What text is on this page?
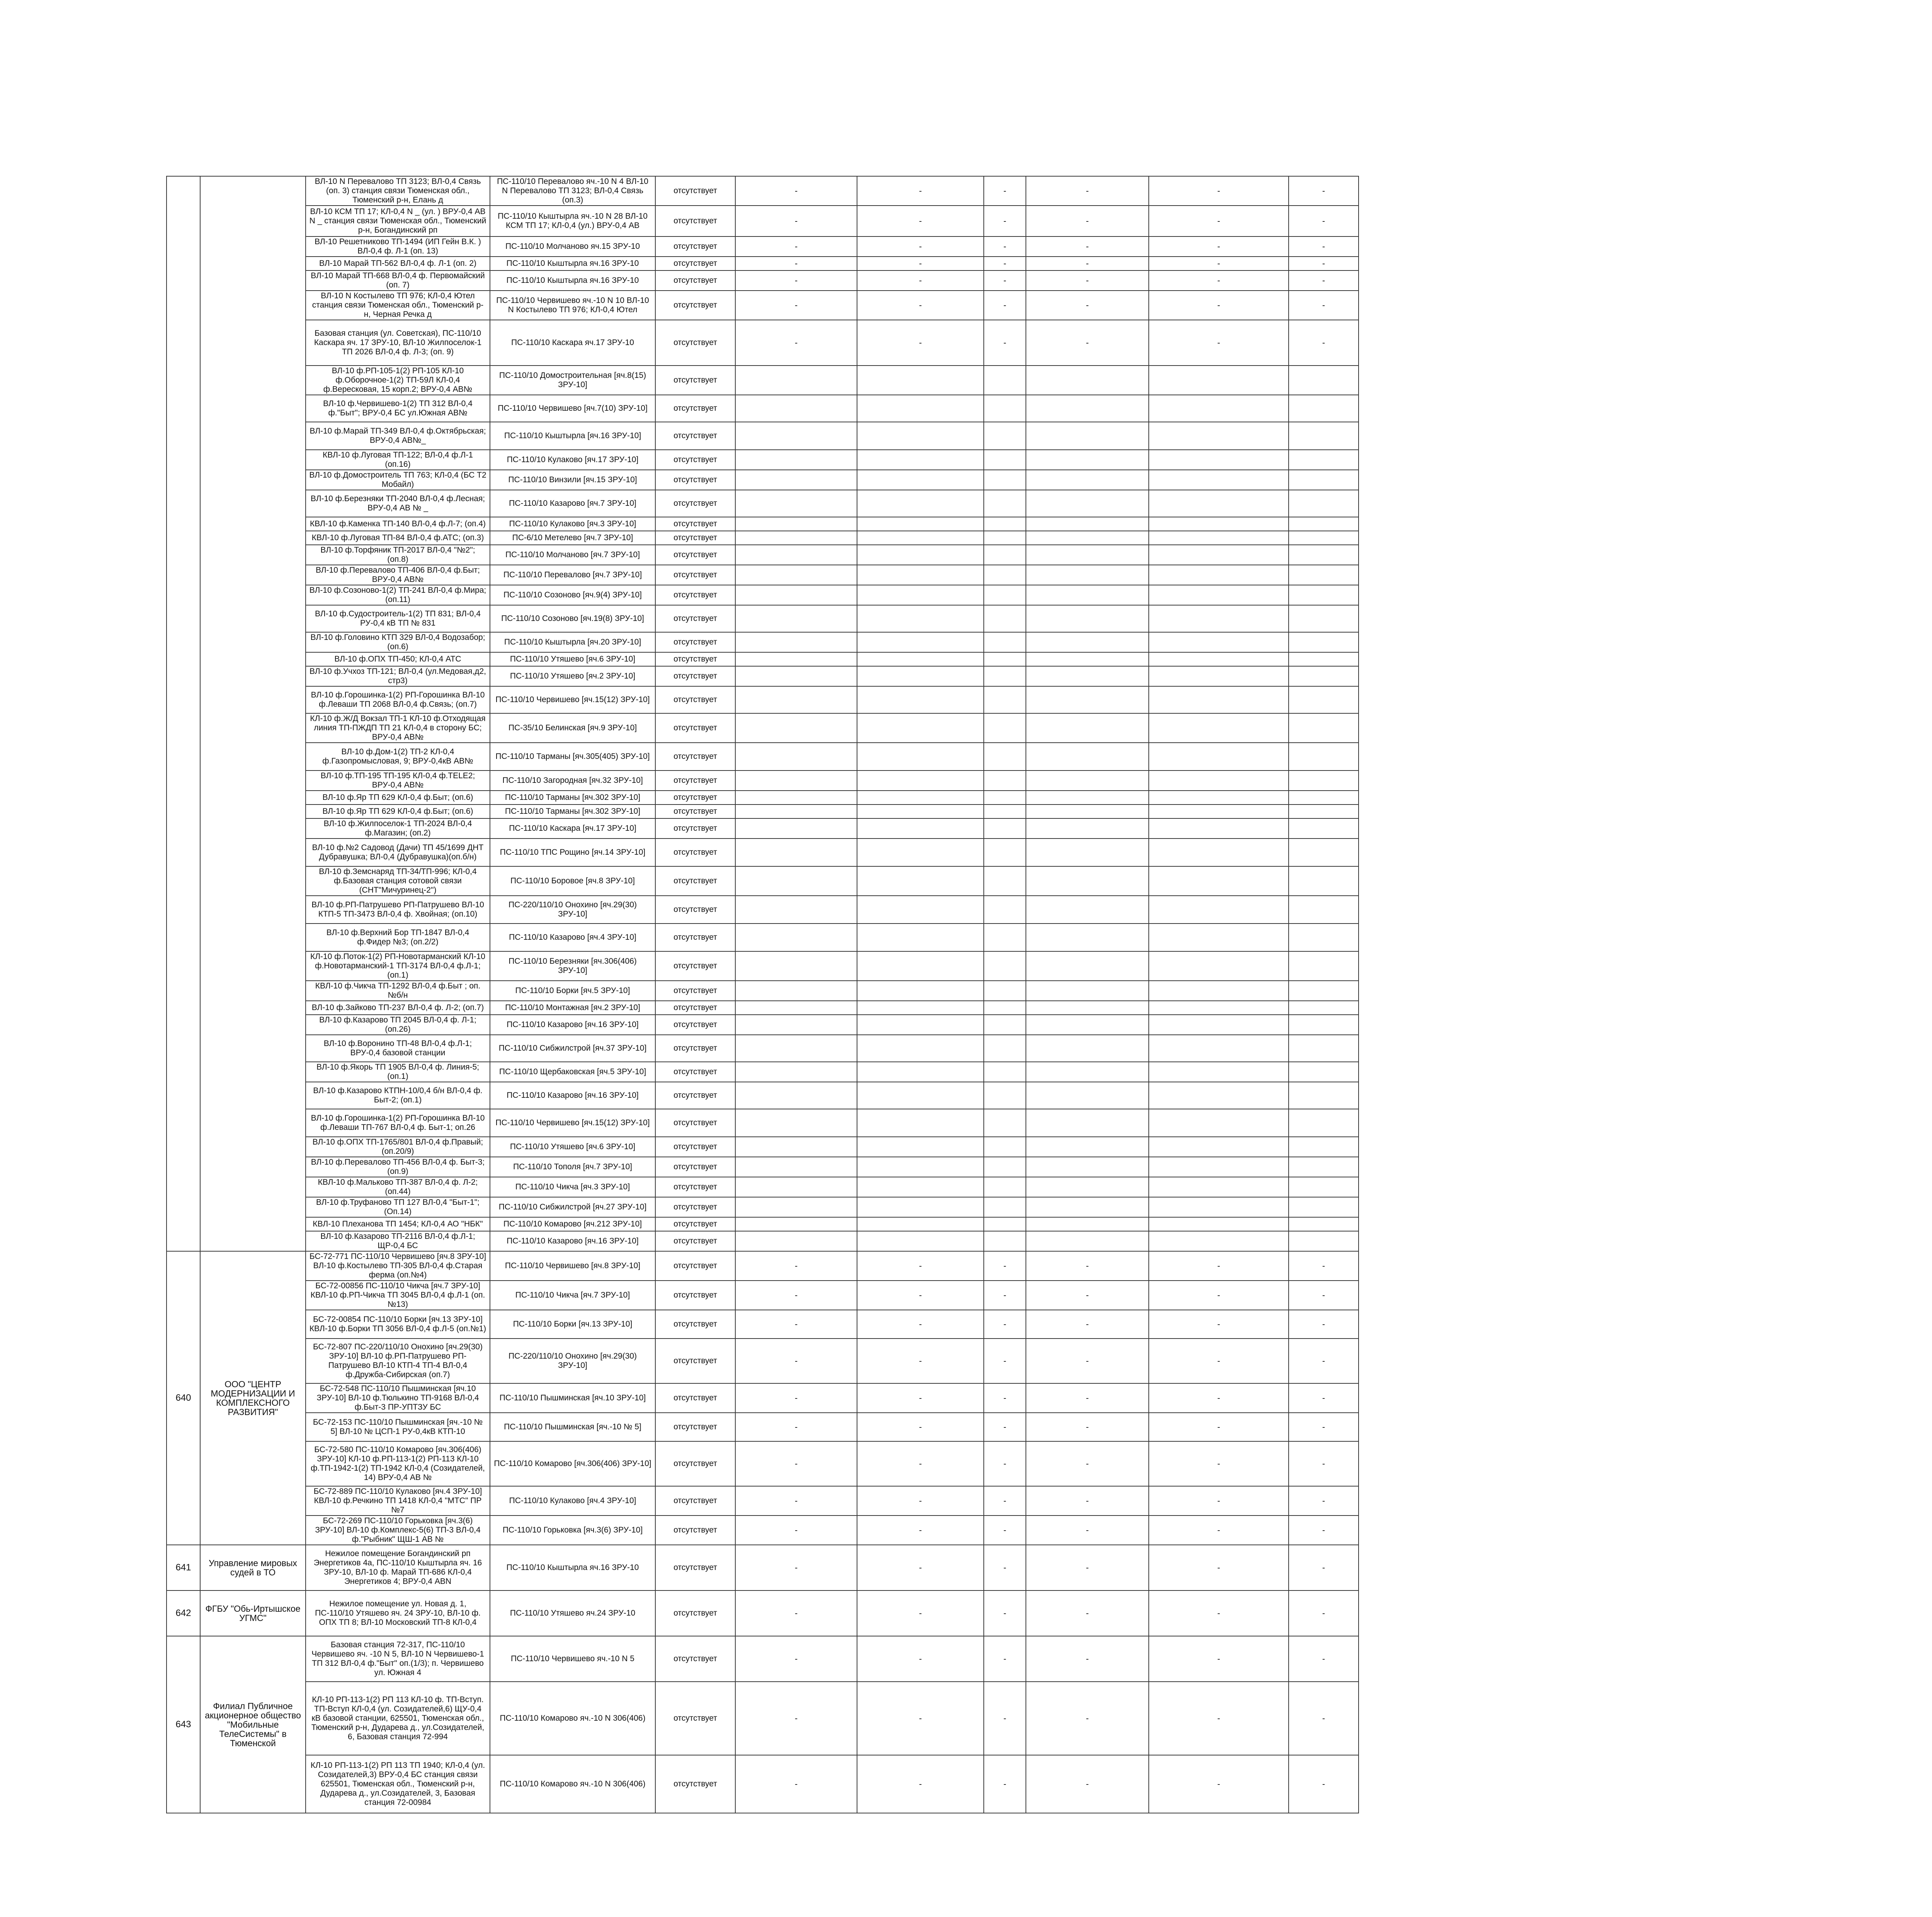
		ВЛ-10 N Перевалово ТП 3123; ВЛ-0,4 Связь (оп. 3) станция связи Тюменская обл., Тюменский р-н, Елань д	ПС-110/10 Перевалово яч.-10 N 4 ВЛ-10 N Перевалово ТП 3123; ВЛ-0,4 Связь (оп.3)	отсутствует	-	-	-	-	-	-	
		ВЛ-10 КСМ ТП 17; КЛ-0,4 N _ (ул. ) ВРУ-0,4 АВ N _ станция связи Тюменская обл., Тюменский р-н, Богандинский рп	ПС-110/10 Кыштырла яч.-10 N 28 ВЛ-10 КСМ ТП 17; КЛ-0,4 (ул.) ВРУ-0,4 АВ	отсутствует	-	-	-	-	-	-	
		ВЛ-10 Решетниково ТП-1494 (ИП Гейн В.К. ) ВЛ-0,4 ф. Л-1 (оп. 13)	ПС-110/10 Молчаново яч.15 ЗРУ-10	отсутствует	-	-	-	-	-	-	
		ВЛ-10 Марай ТП-562 ВЛ-0,4 ф. Л-1 (оп. 2)	ПС-110/10 Кыштырла яч.16 ЗРУ-10	отсутствует	-	-	-	-	-	-	
		ВЛ-10 Марай ТП-668 ВЛ-0,4 ф. Первомайский (оп. 7)	ПС-110/10 Кыштырла яч.16 ЗРУ-10	отсутствует	-	-	-	-	-	-	
		ВЛ-10 N Костылево ТП 976; КЛ-0,4 Ютел станция связи Тюменская обл., Тюменский р-н, Черная Речка д	ПС-110/10 Червишево яч.-10 N 10 ВЛ-10 N Костылево ТП 976; КЛ-0,4 Ютел	отсутствует	-	-	-	-	-	-	
		Базовая станция (ул. Советская), ПС-110/10 Каскара яч. 17 ЗРУ-10, ВЛ-10 Жилпоселок-1 ТП 2026 ВЛ-0,4 ф. Л-3; (оп. 9)	ПС-110/10 Каскара яч.17 ЗРУ-10	отсутствует	-	-	-	-	-	-	
		ВЛ-10 ф.РП-105-1(2) РП-105 КЛ-10 ф.Оборочное-1(2) ТП-59Л КЛ-0,4 ф.Вересковая, 15 корп.2; ВРУ-0,4 АВ№	ПС-110/10 Домостроительная [яч.8(15) ЗРУ-10]	отсутствует							
		ВЛ-10 ф.Червишево-1(2) ТП 312 ВЛ-0,4 ф."Быт"; ВРУ-0,4 БС ул.Южная АВ№	ПС-110/10 Червишево [яч.7(10) ЗРУ-10]	отсутствует							
		ВЛ-10 ф.Марай ТП-349 ВЛ-0,4 ф.Октябрьская; ВРУ-0,4 АВ№_	ПС-110/10 Кыштырла [яч.16 ЗРУ-10]	отсутствует							
		КВЛ-10 ф.Луговая ТП-122; ВЛ-0,4 ф.Л-1 (оп.16)	ПС-110/10 Кулаково [яч.17 ЗРУ-10]	отсутствует							
		ВЛ-10 ф.Домостроитель ТП 763; КЛ-0,4 (БС Т2 Мобайл)	ПС-110/10 Винзили [яч.15 ЗРУ-10]	отсутствует							
		ВЛ-10 ф.Березняки ТП-2040 ВЛ-0,4 ф.Лесная; ВРУ-0,4 АВ № _	ПС-110/10 Казарово [яч.7 ЗРУ-10]	отсутствует							
		КВЛ-10 ф.Каменка ТП-140 ВЛ-0,4 ф.Л-7; (оп.4)	ПС-110/10 Кулаково [яч.3 ЗРУ-10]	отсутствует							
		КВЛ-10 ф.Луговая ТП-84 ВЛ-0,4 ф.АТС; (оп.3)	ПС-6/10 Метелево [яч.7 ЗРУ-10]	отсутствует							
		ВЛ-10 ф.Торфяник ТП-2017 ВЛ-0,4 "№2"; (оп.8)	ПС-110/10 Молчаново [яч.7 ЗРУ-10]	отсутствует							
		ВЛ-10 ф.Перевалово ТП-406 ВЛ-0,4 ф.Быт; ВРУ-0,4 АВ№	ПС-110/10 Перевалово [яч.7 ЗРУ-10]	отсутствует							
		ВЛ-10 ф.Созоново-1(2) ТП-241 ВЛ-0,4 ф.Мира; (оп.11)	ПС-110/10 Созоново [яч.9(4) ЗРУ-10]	отсутствует							
		ВЛ-10 ф.Судостроитель-1(2) ТП 831; ВЛ-0,4 РУ-0,4 кВ ТП № 831	ПС-110/10 Созоново [яч.19(8) ЗРУ-10]	отсутствует							
		ВЛ-10 ф.Головино КТП 329 ВЛ-0,4 Водозабор; (оп.6)	ПС-110/10 Кыштырла [яч.20 ЗРУ-10]	отсутствует							
		ВЛ-10 ф.ОПХ ТП-450; КЛ-0,4 АТС	ПС-110/10 Утяшево [яч.6 ЗРУ-10]	отсутствует							
		ВЛ-10 ф.Учхоз ТП-121; ВЛ-0,4 (ул.Медовая,д2, стр3)	ПС-110/10 Утяшево [яч.2 ЗРУ-10]	отсутствует							
		ВЛ-10 ф.Горошинка-1(2) РП-Горошинка ВЛ-10 ф.Леваши ТП 2068 ВЛ-0,4 ф.Связь; (оп.7)	ПС-110/10 Червишево [яч.15(12) ЗРУ-10]	отсутствует							
		КЛ-10 ф.Ж/Д Вокзал ТП-1 КЛ-10 ф.Отходящая линия ТП-ПЖДП ТП 21 КЛ-0,4 в сторону БС; ВРУ-0,4 АВ№	ПС-35/10 Белинская [яч.9 ЗРУ-10]	отсутствует							
		ВЛ-10 ф.Дом-1(2) ТП-2 КЛ-0,4 ф.Газопромысловая, 9; ВРУ-0,4кВ АВ№	ПС-110/10 Тарманы [яч.305(405) ЗРУ-10]	отсутствует							
		ВЛ-10 ф.ТП-195 ТП-195 КЛ-0,4 ф.TELE2; ВРУ-0,4 АВ№	ПС-110/10 Загородная [яч.32 ЗРУ-10]	отсутствует							
		ВЛ-10 ф.Яр ТП 629 КЛ-0,4 ф.Быт; (оп.6)	ПС-110/10 Тарманы [яч.302 ЗРУ-10]	отсутствует							
		ВЛ-10 ф.Яр ТП 629 КЛ-0,4 ф.Быт; (оп.6)	ПС-110/10 Тарманы [яч.302 ЗРУ-10]	отсутствует							
		ВЛ-10 ф.Жилпоселок-1 ТП-2024 ВЛ-0,4 ф.Магазин; (оп.2)	ПС-110/10 Каскара [яч.17 ЗРУ-10]	отсутствует							
		ВЛ-10 ф.№2 Садовод (Дачи) ТП 45/1699 ДНТ Дубравушка; ВЛ-0,4 (Дубравушка)(оп.б/н)	ПС-110/10 ТПС Рощино [яч.14 ЗРУ-10]	отсутствует							
		ВЛ-10 ф.Земснаряд ТП-34/ТП-996; КЛ-0,4 ф.Базовая станция сотовой связи (СНТ"Мичуринец-2")	ПС-110/10 Боровое [яч.8 ЗРУ-10]	отсутствует							
		ВЛ-10 ф.РП-Патрушево РП-Патрушево ВЛ-10 КТП-5 ТП-3473 ВЛ-0,4 ф. Хвойная; (оп.10)	ПС-220/110/10 Онохино [яч.29(30) ЗРУ-10]	отсутствует							
		ВЛ-10 ф.Верхний Бор ТП-1847 ВЛ-0,4 ф.Фидер №3; (оп.2/2)	ПС-110/10 Казарово [яч.4 ЗРУ-10]	отсутствует							
		КЛ-10 ф.Поток-1(2) РП-Новотарманский КЛ-10 ф.Новотарманский-1 ТП-3174 ВЛ-0,4 ф.Л-1; (оп.1)	ПС-110/10 Березняки [яч.306(406) ЗРУ-10]	отсутствует							
		КВЛ-10 ф.Чикча ТП-1292 ВЛ-0,4 ф.Быт ; оп.№б/н	ПС-110/10 Борки [яч.5 ЗРУ-10]	отсутствует							
		ВЛ-10 ф.Зайково ТП-237 ВЛ-0,4 ф. Л-2; (оп.7)	ПС-110/10 Монтажная [яч.2 ЗРУ-10]	отсутствует							
		ВЛ-10 ф.Казарово ТП 2045 ВЛ-0,4 ф. Л-1; (оп.26)	ПС-110/10 Казарово [яч.16 ЗРУ-10]	отсутствует							
		ВЛ-10 ф.Воронино ТП-48 ВЛ-0,4 ф.Л-1; ВРУ-0,4 базовой станции	ПС-110/10 Сибжилстрой [яч.37 ЗРУ-10]	отсутствует							
		ВЛ-10 ф.Якорь ТП 1905 ВЛ-0,4 ф. Линия-5; (оп.1)	ПС-110/10 Щербаковская [яч.5 ЗРУ-10]	отсутствует							
		ВЛ-10 ф.Казарово КТПН-10/0,4 б/н ВЛ-0,4 ф. Быт-2; (оп.1)	ПС-110/10 Казарово [яч.16 ЗРУ-10]	отсутствует							
		ВЛ-10 ф.Горошинка-1(2) РП-Горошинка ВЛ-10 ф.Леваши ТП-767 ВЛ-0,4 ф. Быт-1; оп.26	ПС-110/10 Червишево [яч.15(12) ЗРУ-10]	отсутствует							
		ВЛ-10 ф.ОПХ ТП-1765/801 ВЛ-0,4 ф.Правый; (оп.20/9)	ПС-110/10 Утяшево [яч.6 ЗРУ-10]	отсутствует							
		ВЛ-10 ф.Перевалово ТП-456 ВЛ-0,4 ф. Быт-3; (оп.9)	ПС-110/10 Тополя [яч.7 ЗРУ-10]	отсутствует							
		КВЛ-10 ф.Мальково ТП-387 ВЛ-0,4 ф. Л-2; (оп.44)	ПС-110/10 Чикча [яч.3 ЗРУ-10]	отсутствует							
		ВЛ-10 ф.Труфаново ТП 127 ВЛ-0,4 "Быт-1"; (Оп.14)	ПС-110/10 Сибжилстрой [яч.27 ЗРУ-10]	отсутствует							
		КВЛ-10 Плеханова ТП 1454; КЛ-0,4 АО "НБК"	ПС-110/10 Комарово [яч.212 ЗРУ-10]	отсутствует							
		ВЛ-10 ф.Казарово ТП-2116 ВЛ-0,4 ф.Л-1; ЩР-0,4 БС	ПС-110/10 Казарово [яч.16 ЗРУ-10]	отсутствует							
640	ООО "ЦЕНТР МОДЕРНИЗАЦИИ И КОМПЛЕКСНОГО РАЗВИТИЯ"	БС-72-771 ПС-110/10 Червишево [яч.8 ЗРУ-10] ВЛ-10 ф.Костылево ТП-305 ВЛ-0,4 ф.Старая ферма (оп.№4)	ПС-110/10 Червишево [яч.8 ЗРУ-10]	отсутствует	-	-	-	-	-	-	
		БС-72-00856 ПС-110/10 Чикча [яч.7 ЗРУ-10] КВЛ-10 ф.РП-Чикча ТП 3045 ВЛ-0,4 ф.Л-1 (оп.№13)	ПС-110/10 Чикча [яч.7 ЗРУ-10]	отсутствует	-	-	-	-	-	-	
		БС-72-00854 ПС-110/10 Борки [яч.13 ЗРУ-10] КВЛ-10 ф.Борки ТП 3056 ВЛ-0,4 ф.Л-5 (оп.№1)	ПС-110/10 Борки [яч.13 ЗРУ-10]	отсутствует	-	-	-	-	-	-	
		БС-72-807 ПС-220/110/10 Онохино [яч.29(30) ЗРУ-10] ВЛ-10 ф.РП-Патрушево РП-Патрушево ВЛ-10 КТП-4 ТП-4 ВЛ-0,4 ф.Дружба-Сибирская (оп.7)	ПС-220/110/10 Онохино [яч.29(30) ЗРУ-10]	отсутствует	-	-	-	-	-	-	
		БС-72-548 ПС-110/10 Пышминская [яч.10 ЗРУ-10] ВЛ-10 ф.Тюлькино ТП-9168 ВЛ-0,4 ф.Быт-3 ПР-УПТЗУ БС	ПС-110/10 Пышминская [яч.10 ЗРУ-10]	отсутствует	-	-	-	-	-	-	
		БС-72-153 ПС-110/10 Пышминская [яч.-10 № 5] ВЛ-10 № ЦСП-1 РУ-0,4кВ КТП-10	ПС-110/10 Пышминская [яч.-10 № 5]	отсутствует	-	-	-	-	-	-	
		БС-72-580 ПС-110/10 Комарово [яч.306(406) ЗРУ-10] КЛ-10 ф.РП-113-1(2) РП-113 КЛ-10 ф.ТП-1942-1(2) ТП-1942 КЛ-0,4 (Созидателей, 14) ВРУ-0,4 АВ №	ПС-110/10 Комарово [яч.306(406) ЗРУ-10]	отсутствует	-	-	-	-	-	-	
		БС-72-889 ПС-110/10 Кулаково [яч.4 ЗРУ-10] КВЛ-10 ф.Речкино ТП 1418 КЛ-0,4 "МТС" ПР №7	ПС-110/10 Кулаково [яч.4 ЗРУ-10]	отсутствует	-	-	-	-	-	-	
		БС-72-269 ПС-110/10 Горьковка [яч.3(6) ЗРУ-10] ВЛ-10 ф.Комплекс-5(6) ТП-3 ВЛ-0,4 ф."Рыбник" ЩШ-1 АВ №	ПС-110/10 Горьковка [яч.3(6) ЗРУ-10]	отсутствует	-	-	-	-	-	-	
641	Управление мировых судей в ТО	Нежилое помещение Богандинский рп Энергетиков 4а, ПС-110/10 Кыштырла яч. 16 ЗРУ-10, ВЛ-10 ф. Марай ТП-686 КЛ-0,4 Энергетиков 4; ВРУ-0,4 АВN	ПС-110/10 Кыштырла яч.16 ЗРУ-10	отсутствует	-	-	-	-	-	-	
642	ФГБУ "Обь-Иртышское УГМС"	Нежилое помещение ул. Новая д. 1, ПС-110/10 Утяшево яч. 24 ЗРУ-10, ВЛ-10 ф. ОПХ ТП 8; ВЛ-10 Московский ТП-8 КЛ-0,4	ПС-110/10 Утяшево яч.24 ЗРУ-10	отсутствует	-	-	-	-	-	-	
643	Филиал Публичное акционерное общество "Мобильные ТелеСистемы" в Тюменской	Базовая станция 72-317, ПС-110/10 Червишево яч. -10 N 5, ВЛ-10 N Червишево-1 ТП 312 ВЛ-0,4 ф."Быт" оп.(1/3); п. Червишево ул. Южная 4	ПС-110/10 Червишево яч.-10 N 5	отсутствует	-	-	-	-	-	-	
		КЛ-10 РП-113-1(2) РП 113 КЛ-10 ф. ТП-Вступ. ТП-Вступ КЛ-0,4 (ул. Созидателей,6) ЩУ-0,4 кВ базовой станции, 625501, Тюменская обл., Тюменский р-н, Дударева д., ул.Созидателей, 6, Базовая станция 72-994	ПС-110/10 Комарово яч.-10 N 306(406)	отсутствует	-	-	-	-	-	-	
		КЛ-10 РП-113-1(2) РП 113 ТП 1940; КЛ-0,4 (ул. Созидателей,3) ВРУ-0,4 БС станция связи 625501, Тюменская обл., Тюменский р-н, Дударева д., ул.Созидателей, 3, Базовая станция 72-00984	ПС-110/10 Комарово яч.-10 N 306(406)	отсутствует	-	-	-	-	-	-	
